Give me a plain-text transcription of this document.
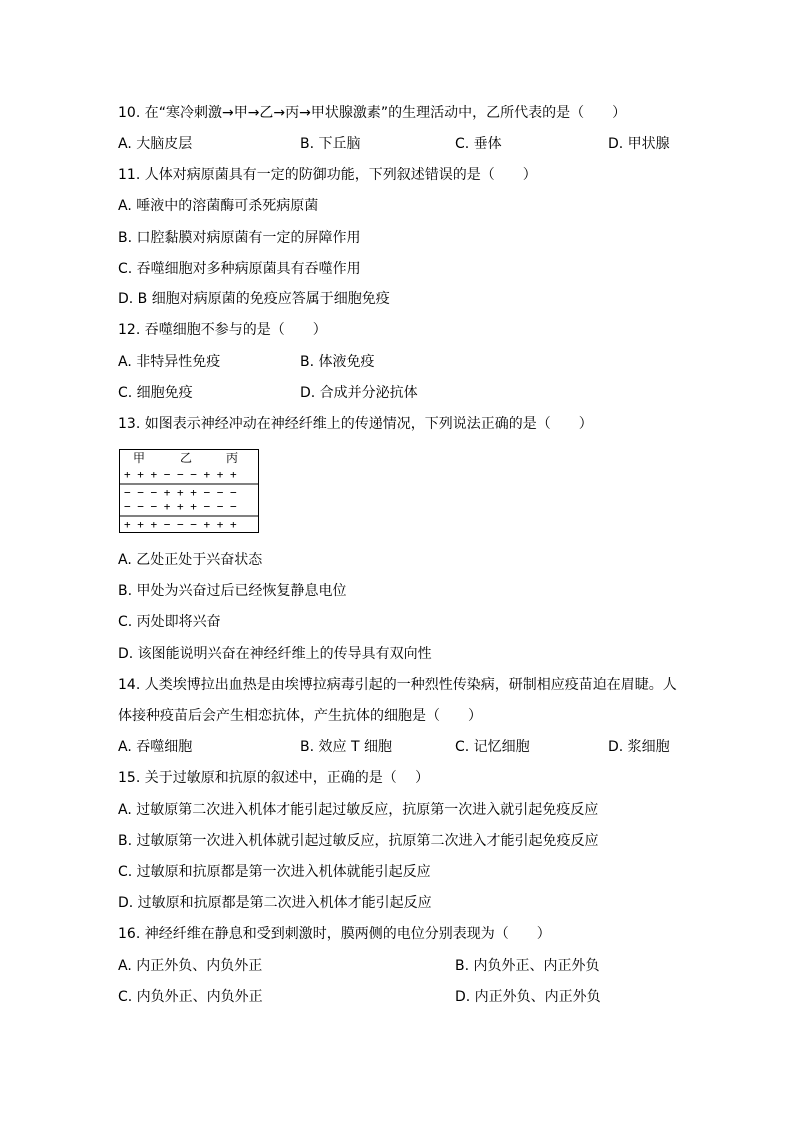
10. 在“寒冷刺激→甲→乙→丙→甲状腺激素”的生理活动中，乙所代表的是（　　）
A. 大脑皮层	B. 下丘脑	C. 垂体	D. 甲状腺
11. 人体对病原菌具有一定的防御功能，下列叙述错误的是（　　）
A. 唾液中的溶菌酶可杀死病原菌
B. 口腔黏膜对病原菌有一定的屏障作用
C. 吞噬细胞对多种病原菌具有吞噬作用
D. B 细胞对病原菌的免疫应答属于细胞免疫
12. 吞噬细胞不参与的是（　　）
A. 非特异性免疫	B. 体液免疫
C. 细胞免疫	D. 合成并分泌抗体
13. 如图表示神经冲动在神经纤维上的传递情况，下列说法正确的是（　　）
甲	乙	丙
+ + + − − − + + +
− − − + + + − − −
− − − + + + − − −
+ + + − − − + + +
A. 乙处正处于兴奋状态
B. 甲处为兴奋过后已经恢复静息电位
C. 丙处即将兴奋
D. 该图能说明兴奋在神经纤维上的传导具有双向性
14. 人类埃博拉出血热是由埃博拉病毒引起的一种烈性传染病，研制相应疫苗迫在眉睫。人
体接种疫苗后会产生相恋抗体，产生抗体的细胞是（　　）
A. 吞噬细胞	B. 效应 T 细胞	C. 记忆细胞	D. 浆细胞
15. 关于过敏原和抗原的叙述中，正确的是（　 ）
A. 过敏原第二次进入机体才能引起过敏反应，抗原第一次进入就引起免疫反应
B. 过敏原第一次进入机体就引起过敏反应，抗原第二次进入才能引起免疫反应
C. 过敏原和抗原都是第一次进入机体就能引起反应
D. 过敏原和抗原都是第二次进入机体才能引起反应
16. 神经纤维在静息和受到刺激时，膜两侧的电位分别表现为（　　）
A. 内正外负、内负外正	B. 内负外正、内正外负
C. 内负外正、内负外正	D. 内正外负、内正外负
